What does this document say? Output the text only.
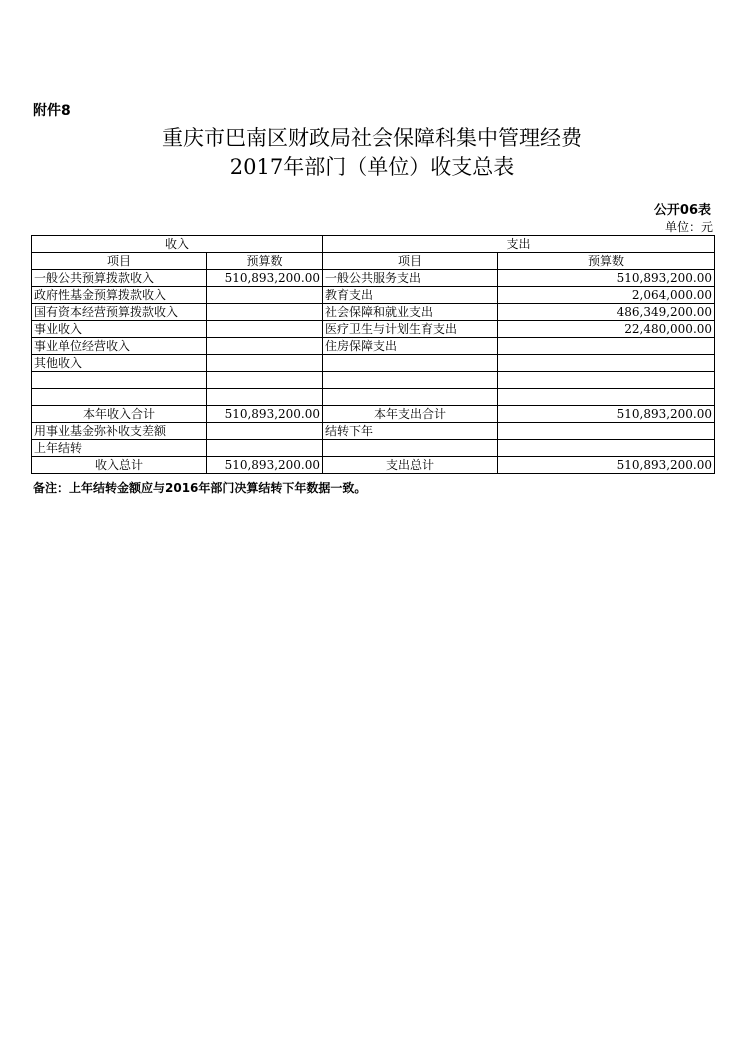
附件8
重庆市巴南区财政局社会保障科集中管理经费
2017年部门（单位）收支总表
公开06表
单位：元
收入		支出	
项目	预算数	项目	预算数
一般公共预算拨款收入	510,893,200.00	一般公共服务支出	510,893,200.00
政府性基金预算拨款收入		教育支出	2,064,000.00
国有资本经营预算拨款收入		社会保障和就业支出	486,349,200.00
事业收入		医疗卫生与计划生育支出	22,480,000.00
事业单位经营收入		住房保障支出	
其他收入			

本年收入合计	510,893,200.00	本年支出合计	510,893,200.00
用事业基金弥补收支差额		结转下年	
上年结转			
收入总计	510,893,200.00	支出总计	510,893,200.00
备注：上年结转金额应与2016年部门决算结转下年数据一致。
